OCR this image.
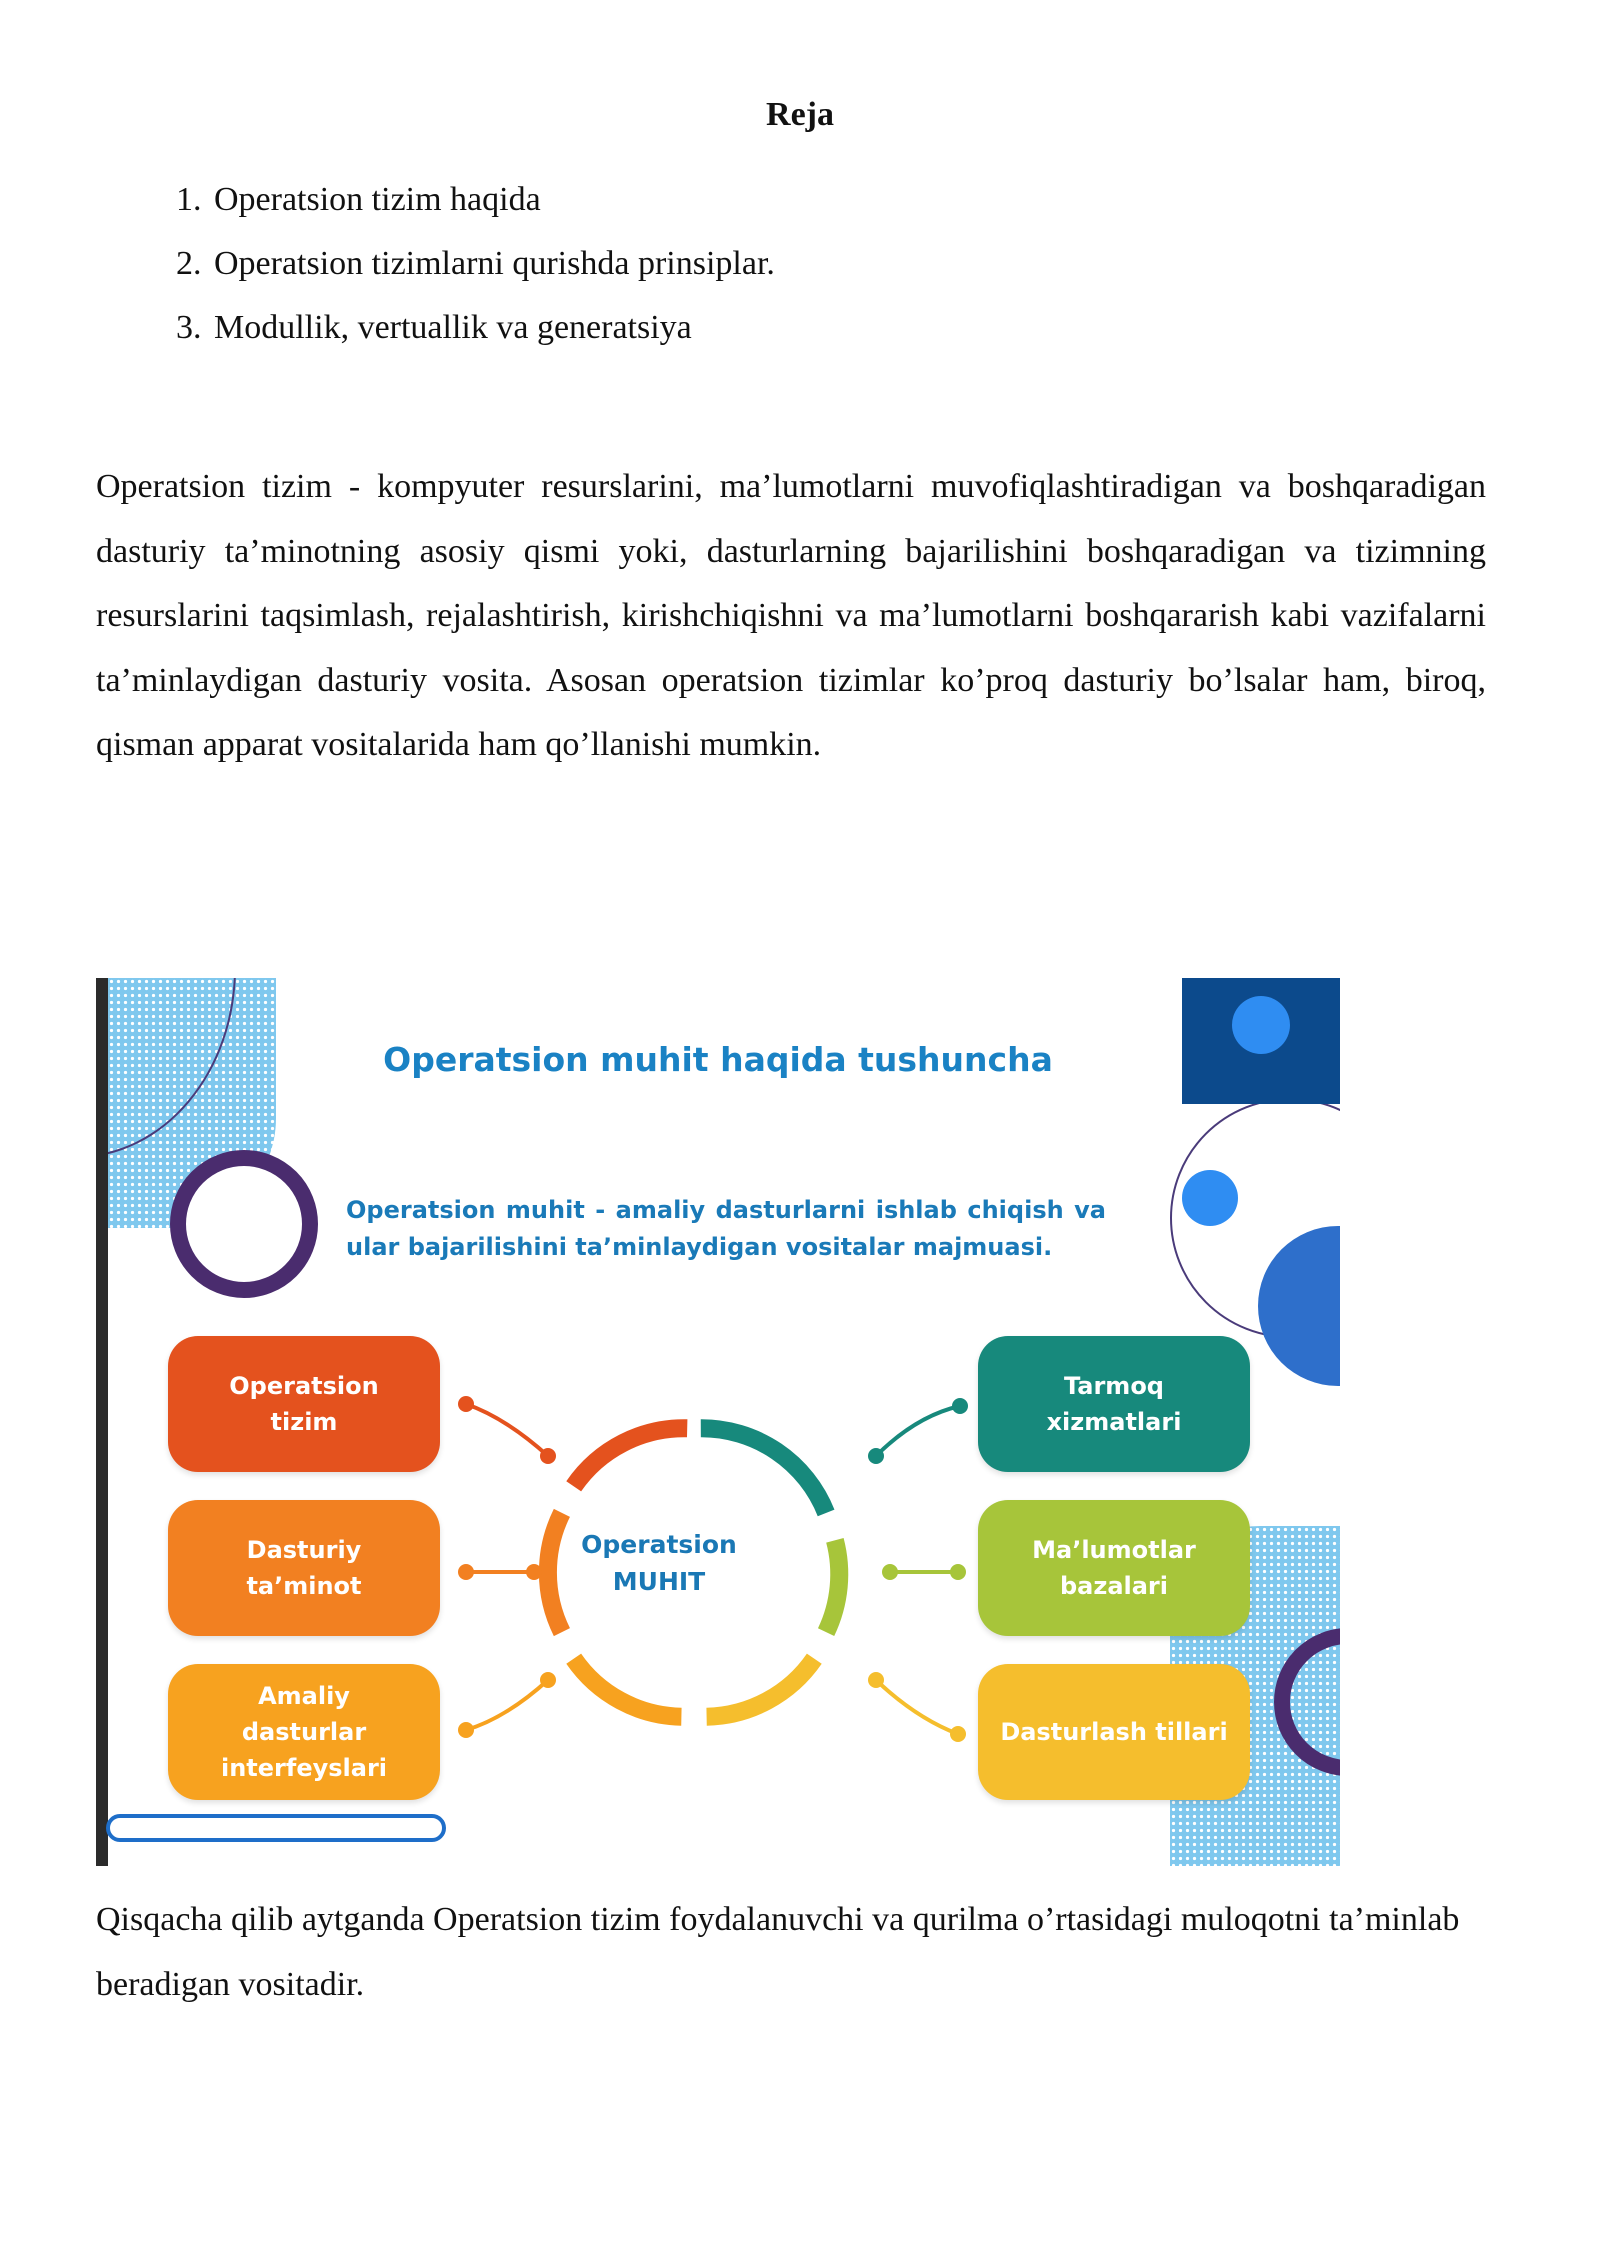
Reja
1. Operatsion tizim haqida
2. Operatsion tizimlarni qurishda prinsiplar.
3. Modullik, vertuallik va generatsiya

Operatsion tizim - kompyuter resurslarini, ma’lumotlarni muvofiqlashtiradigan va boshqaradigan dasturiy ta’minotning asosiy qismi yoki, dasturlarning bajarilishini boshqaradigan va tizimning resurslarini taqsimlash, rejalashtirish, kirishchiqishni va ma’lumotlarni boshqararish kabi vazifalarni ta’minlaydigan dasturiy vosita. Asosan operatsion tizimlar ko’proq dasturiy bo’lsalar ham, biroq, qisman apparat vositalarida ham qo’llanishi mumkin.

Operatsion muhit haqida tushuncha
Operatsion muhit - amaliy dasturlarni ishlab chiqish va ular bajarilishini ta’minlaydigan vositalar majmuasi.
Operatsion
MUHIT
Operatsion
tizim
Dasturiy
ta’minot
Amaliy
dasturlar
interfeyslari
Tarmoq
xizmatlari
Ma’lumotlar
bazalari
Dasturlash tillari

Qisqacha qilib aytganda Operatsion tizim foydalanuvchi va qurilma o’rtasidagi muloqotni ta’minlab beradigan vositadir.
